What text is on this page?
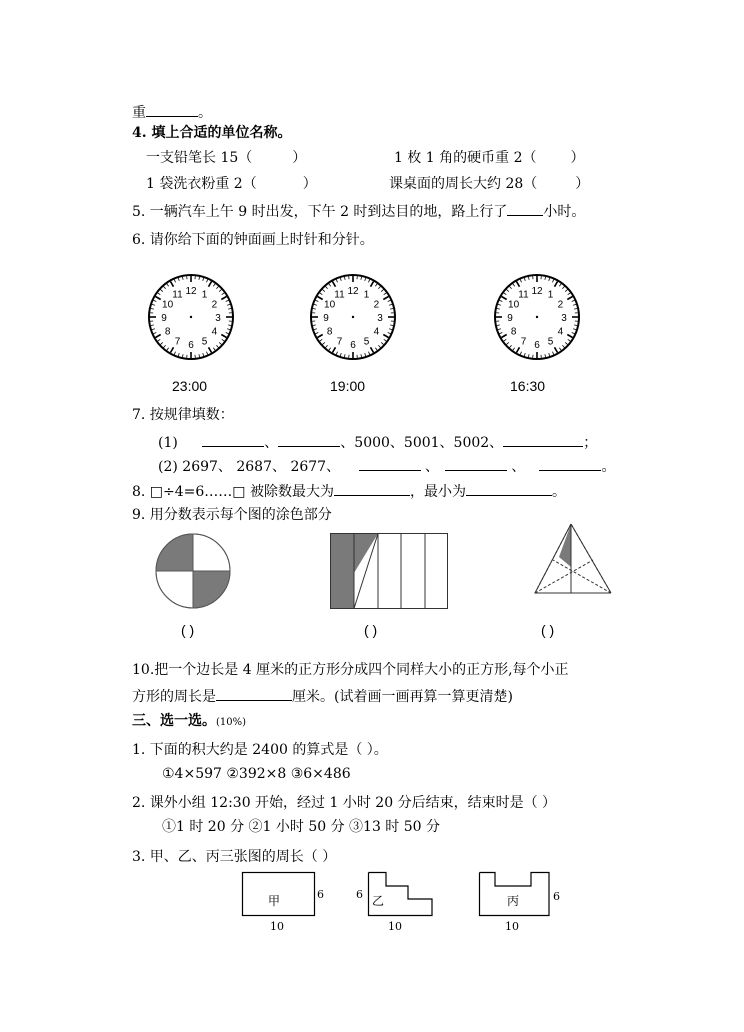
重	。
4. 填上合适的单位名称。
一支铅笔长 15（	）	1 枚 1 角的硬币重 2（ ）
1 袋洗衣粉重 2（	）	课桌面的周长大约 28（	）
5. 一辆汽车上午 9 时出发，下午 2 时到达目的地，路上行了	小时。
6. 请你给下面的钟面画上时针和分针。
12 1
2
3
4
5
6
7
8
9
10
11	12 1
2
3
4
5
6
7
8
9
10
11	12 1
2
3
4
5
6
7
8
9
10
11
23:00	19:00	16:30
7. 按规律填数：
(1)	、	、5000、5001、5002、	；
(2) 2697、 2687、 2677、	、	、	。
8. □÷4=6……□ 被除数最大为	，最小为	。
9. 用分数表示每个图的涂色部分
( )	( )	( )
10.把一个边长是 4 厘米的正方形分成四个同样大小的正方形,每个小正
方形的周长是	厘米。(试着画一画再算一算更清楚)
三、选一选。(10%)
1. 下面的积大约是 2400 的算式是（ ）。
①4×597 ②392×8 ③6×486
2. 课外小组 12:30 开始，经过 1 小时 20 分后结束，结束时是（ ）
①1 时 20 分 ②1 小时 50 分 ③13 时 50 分
3. 甲、乙、丙三张图的周长（ ）
甲	6
10
乙
6
10
丙	6
10
